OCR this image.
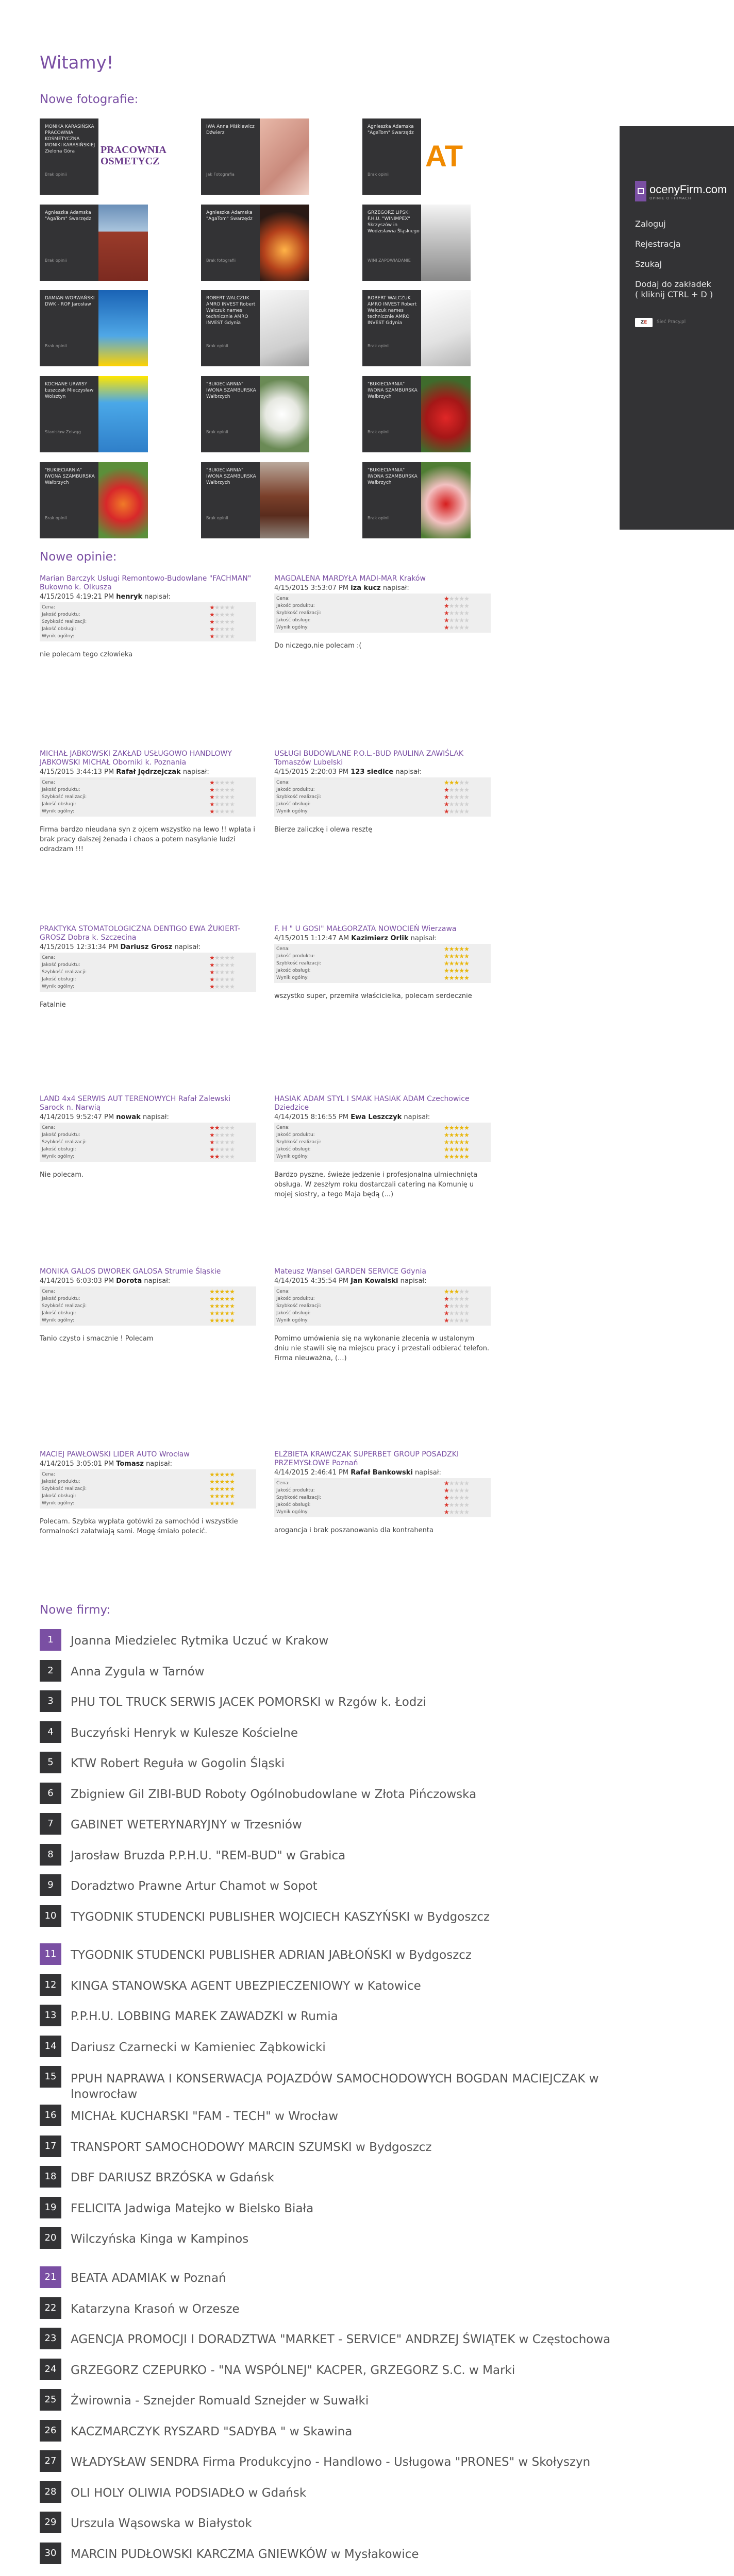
Witamy!
Nowe fotografie:
MONIKA KARASIŃSKA PRACOWNIA KOSMETYCZNA MONIKI KARASIŃSKIEJ Zielona Góra
Brak opinii
PRACOWNIA
OSMETYCZ
IWA Anna Miśkiewicz Dźwierz
Jak Fotografia
Agnieszka Adamska "AgaTom" Swarzędz
Brak opinii
AT
Agnieszka Adamska "AgaTom" Swarzędz
Brak opinii
Agnieszka Adamska "AgaTom" Swarzędz
Brak fotografii
GRZEGORZ LIPSKI F.H.U. "WINIMPEX" Skrzyszów in Wodzisławia Śląskiego
WINI ZAPOWIADANIE
DAMIAN WORWAŃSKI DWK - ROP Jarosław
Brak opinii
ROBERT WALCZUK AMRO INVEST Robert Walczuk names technicznie AMRO INVEST Gdynia
Brak opinii
ROBERT WALCZUK AMRO INVEST Robert Walczuk names technicznie AMRO INVEST Gdynia
Brak opinii
KOCHANE URWISY Łuszczak Mieczysław Wolsztyn
Stanisław Zelwąg
"BUKIECIARNIA" IWONA SZAMBURSKA Wałbrzych
Brak opinii
"BUKIECIARNIA" IWONA SZAMBURSKA Wałbrzych
Brak opinii
"BUKIECIARNIA" IWONA SZAMBURSKA Wałbrzych
Brak opinii
"BUKIECIARNIA" IWONA SZAMBURSKA Wałbrzych
Brak opinii
"BUKIECIARNIA" IWONA SZAMBURSKA Wałbrzych
Brak opinii
Nowe opinie:
Marian Barczyk Usługi Remontowo-Budowlane "FACHMAN" Bukowno k. Olkusza
4/15/2015 4:19:21 PM henryk napisał:
Cena:	★★★★★
Jakość produktu:	★★★★★
Szybkość realizacji:	★★★★★
Jakość obsługi:	★★★★★
Wynik ogólny:	★★★★★
nie polecam tego człowieka
MAGDALENA MARDYŁA MADI-MAR Kraków
4/15/2015 3:53:07 PM iza kucz napisał:
Cena:	★★★★★
Jakość produktu:	★★★★★
Szybkość realizacji:	★★★★★
Jakość obsługi:	★★★★★
Wynik ogólny:	★★★★★
Do niczego,nie polecam :(
MICHAŁ JABKOWSKI ZAKŁAD USŁUGOWO HANDLOWY JABKOWSKI MICHAŁ Oborniki k. Poznania
4/15/2015 3:44:13 PM Rafał Jędrzejczak napisał:
Cena:	★★★★★
Jakość produktu:	★★★★★
Szybkość realizacji:	★★★★★
Jakość obsługi:	★★★★★
Wynik ogólny:	★★★★★
Firma bardzo nieudana syn z ojcem wszystko na lewo !! wpłata i brak pracy dalszej żenada i chaos a potem nasyłanie ludzi odradzam !!!
USŁUGI BUDOWLANE P.O.L.-BUD PAULINA ZAWIŚLAK Tomaszów Lubelski
4/15/2015 2:20:03 PM 123 siedlce napisał:
Cena:	★★★★★
Jakość produktu:	★★★★★
Szybkość realizacji:	★★★★★
Jakość obsługi:	★★★★★
Wynik ogólny:	★★★★★
Bierze zaliczkę i olewa resztę
PRAKTYKA STOMATOLOGICZNA DENTIGO EWA ŻUKIERT-GROSZ Dobra k. Szczecina
4/15/2015 12:31:34 PM Dariusz Grosz napisał:
Cena:	★★★★★
Jakość produktu:	★★★★★
Szybkość realizacji:	★★★★★
Jakość obsługi:	★★★★★
Wynik ogólny:	★★★★★
Fatalnie
F. H " U GOSI" MAŁGORZATA NOWOCIEŃ Wierzawa
4/15/2015 1:12:47 AM Kazimierz Orlik napisał:
Cena:	★★★★★
Jakość produktu:	★★★★★
Szybkość realizacji:	★★★★★
Jakość obsługi:	★★★★★
Wynik ogólny:	★★★★★
wszystko super, przemiła właścicielka, polecam serdecznie
LAND 4x4 SERWIS AUT TERENOWYCH Rafał Zalewski Sarock n. Narwią
4/14/2015 9:52:47 PM nowak napisał:
Cena:	★★★★★
Jakość produktu:	★★★★★
Szybkość realizacji:	★★★★★
Jakość obsługi:	★★★★★
Wynik ogólny:	★★★★★
Nie polecam.
HASIAK ADAM STYL I SMAK HASIAK ADAM Czechowice Dziedzice
4/14/2015 8:16:55 PM Ewa Leszczyk napisał:
Cena:	★★★★★
Jakość produktu:	★★★★★
Szybkość realizacji:	★★★★★
Jakość obsługi:	★★★★★
Wynik ogólny:	★★★★★
Bardzo pyszne, świeże jedzenie i profesjonalna ulmiechnięta obsługa. W zeszłym roku dostarczali catering na Komunię u mojej siostry, a tego Maja będą (...)
MONIKA GALOS DWOREK GALOSA Strumie Śląskie
4/14/2015 6:03:03 PM Dorota napisał:
Cena:	★★★★★
Jakość produktu:	★★★★★
Szybkość realizacji:	★★★★★
Jakość obsługi:	★★★★★
Wynik ogólny:	★★★★★
Tanio czysto i smacznie ! Polecam
Mateusz Wansel GARDEN SERVICE Gdynia
4/14/2015 4:35:54 PM Jan Kowalski napisał:
Cena:	★★★★★
Jakość produktu:	★★★★★
Szybkość realizacji:	★★★★★
Jakość obsługi:	★★★★★
Wynik ogólny:	★★★★★
Pomimo umówienia się na wykonanie zlecenia w ustalonym dniu nie stawili się na miejscu pracy i przestali odbierać telefon. Firma nieuważna, (...)
MACIEJ PAWŁOWSKI LIDER AUTO Wrocław
4/14/2015 3:05:01 PM Tomasz napisał:
Cena:	★★★★★
Jakość produktu:	★★★★★
Szybkość realizacji:	★★★★★
Jakość obsługi:	★★★★★
Wynik ogólny:	★★★★★
Polecam. Szybka wypłata gotówki za samochód i wszystkie formalności załatwiają sami. Mogę śmiało polecić.
ELŻBIETA KRAWCZAK SUPERBET GROUP POSADZKI PRZEMYSŁOWE Poznań
4/14/2015 2:46:41 PM Rafał Bankowski napisał:
Cena:	★★★★★
Jakość produktu:	★★★★★
Szybkość realizacji:	★★★★★
Jakość obsługi:	★★★★★
Wynik ogólny:	★★★★★
arogancja i brak poszanowania dla kontrahenta
Nowe firmy:
1	Joanna Miedzielec Rytmika Uczuć w Krakow
2	Anna Zygula w Tarnów
3	PHU TOL TRUCK SERWIS JACEK POMORSKI w Rzgów k. Łodzi
4	Buczyński Henryk w Kulesze Kościelne
5	KTW Robert Reguła w Gogolin Śląski
6	Zbigniew Gil ZIBI-BUD Roboty Ogólnobudowlane w Złota Pińczowska
7	GABINET WETERYNARYJNY w Trzesniów
8	Jarosław Bruzda P.P.H.U. "REM-BUD" w Grabica
9	Doradztwo Prawne Artur Chamot w Sopot
10	TYGODNIK STUDENCKI PUBLISHER WOJCIECH KASZYŃSKI w Bydgoszcz
11	TYGODNIK STUDENCKI PUBLISHER ADRIAN JABŁOŃSKI w Bydgoszcz
12	KINGA STANOWSKA AGENT UBEZPIECZENIOWY w Katowice
13	P.P.H.U. LOBBING MAREK ZAWADZKI w Rumia
14	Dariusz Czarnecki w Kamieniec Ząbkowicki
15	PPUH NAPRAWA I KONSERWACJA POJAZDÓW SAMOCHODOWYCH BOGDAN MACIEJCZAK w Inowrocław
16	MICHAŁ KUCHARSKI "FAM - TECH" w Wrocław
17	TRANSPORT SAMOCHODOWY MARCIN SZUMSKI w Bydgoszcz
18	DBF DARIUSZ BRZÓSKA w Gdańsk
19	FELICITA Jadwiga Matejko w Bielsko Biała
20	Wilczyńska Kinga w Kampinos
21	BEATA ADAMIAK w Poznań
22	Katarzyna Krasoń w Orzesze
23	AGENCJA PROMOCJI I DORADZTWA "MARKET - SERVICE" ANDRZEJ ŚWIĄTEK w Częstochowa
24	GRZEGORZ CZEPURKO - "NA WSPÓLNEJ" KACPER, GRZEGORZ S.C. w Marki
25	Żwirownia - Sznejder Romuald Sznejder w Suwałki
26	KACZMARCZYK RYSZARD "SADYBA " w Skawina
27	WŁADYSŁAW SENDRA Firma Produkcyjno - Handlowo - Usługowa "PRONES" w Skołyszyn
28	OLI HOLY OLIWIA PODSIADŁO w Gdańsk
29	Urszula Wąsowska w Białystok
30	MARCIN PUDŁOWSKI KARCZMA GNIEWKÓW w Mysłakowice
ocenyFirm.com
OPINIE O FIRMACH
Zaloguj
Rejestracja
Szukaj
Dodaj do zakładek
( kliknij CTRL + D )
ZE	Sieć Pracy.pl
